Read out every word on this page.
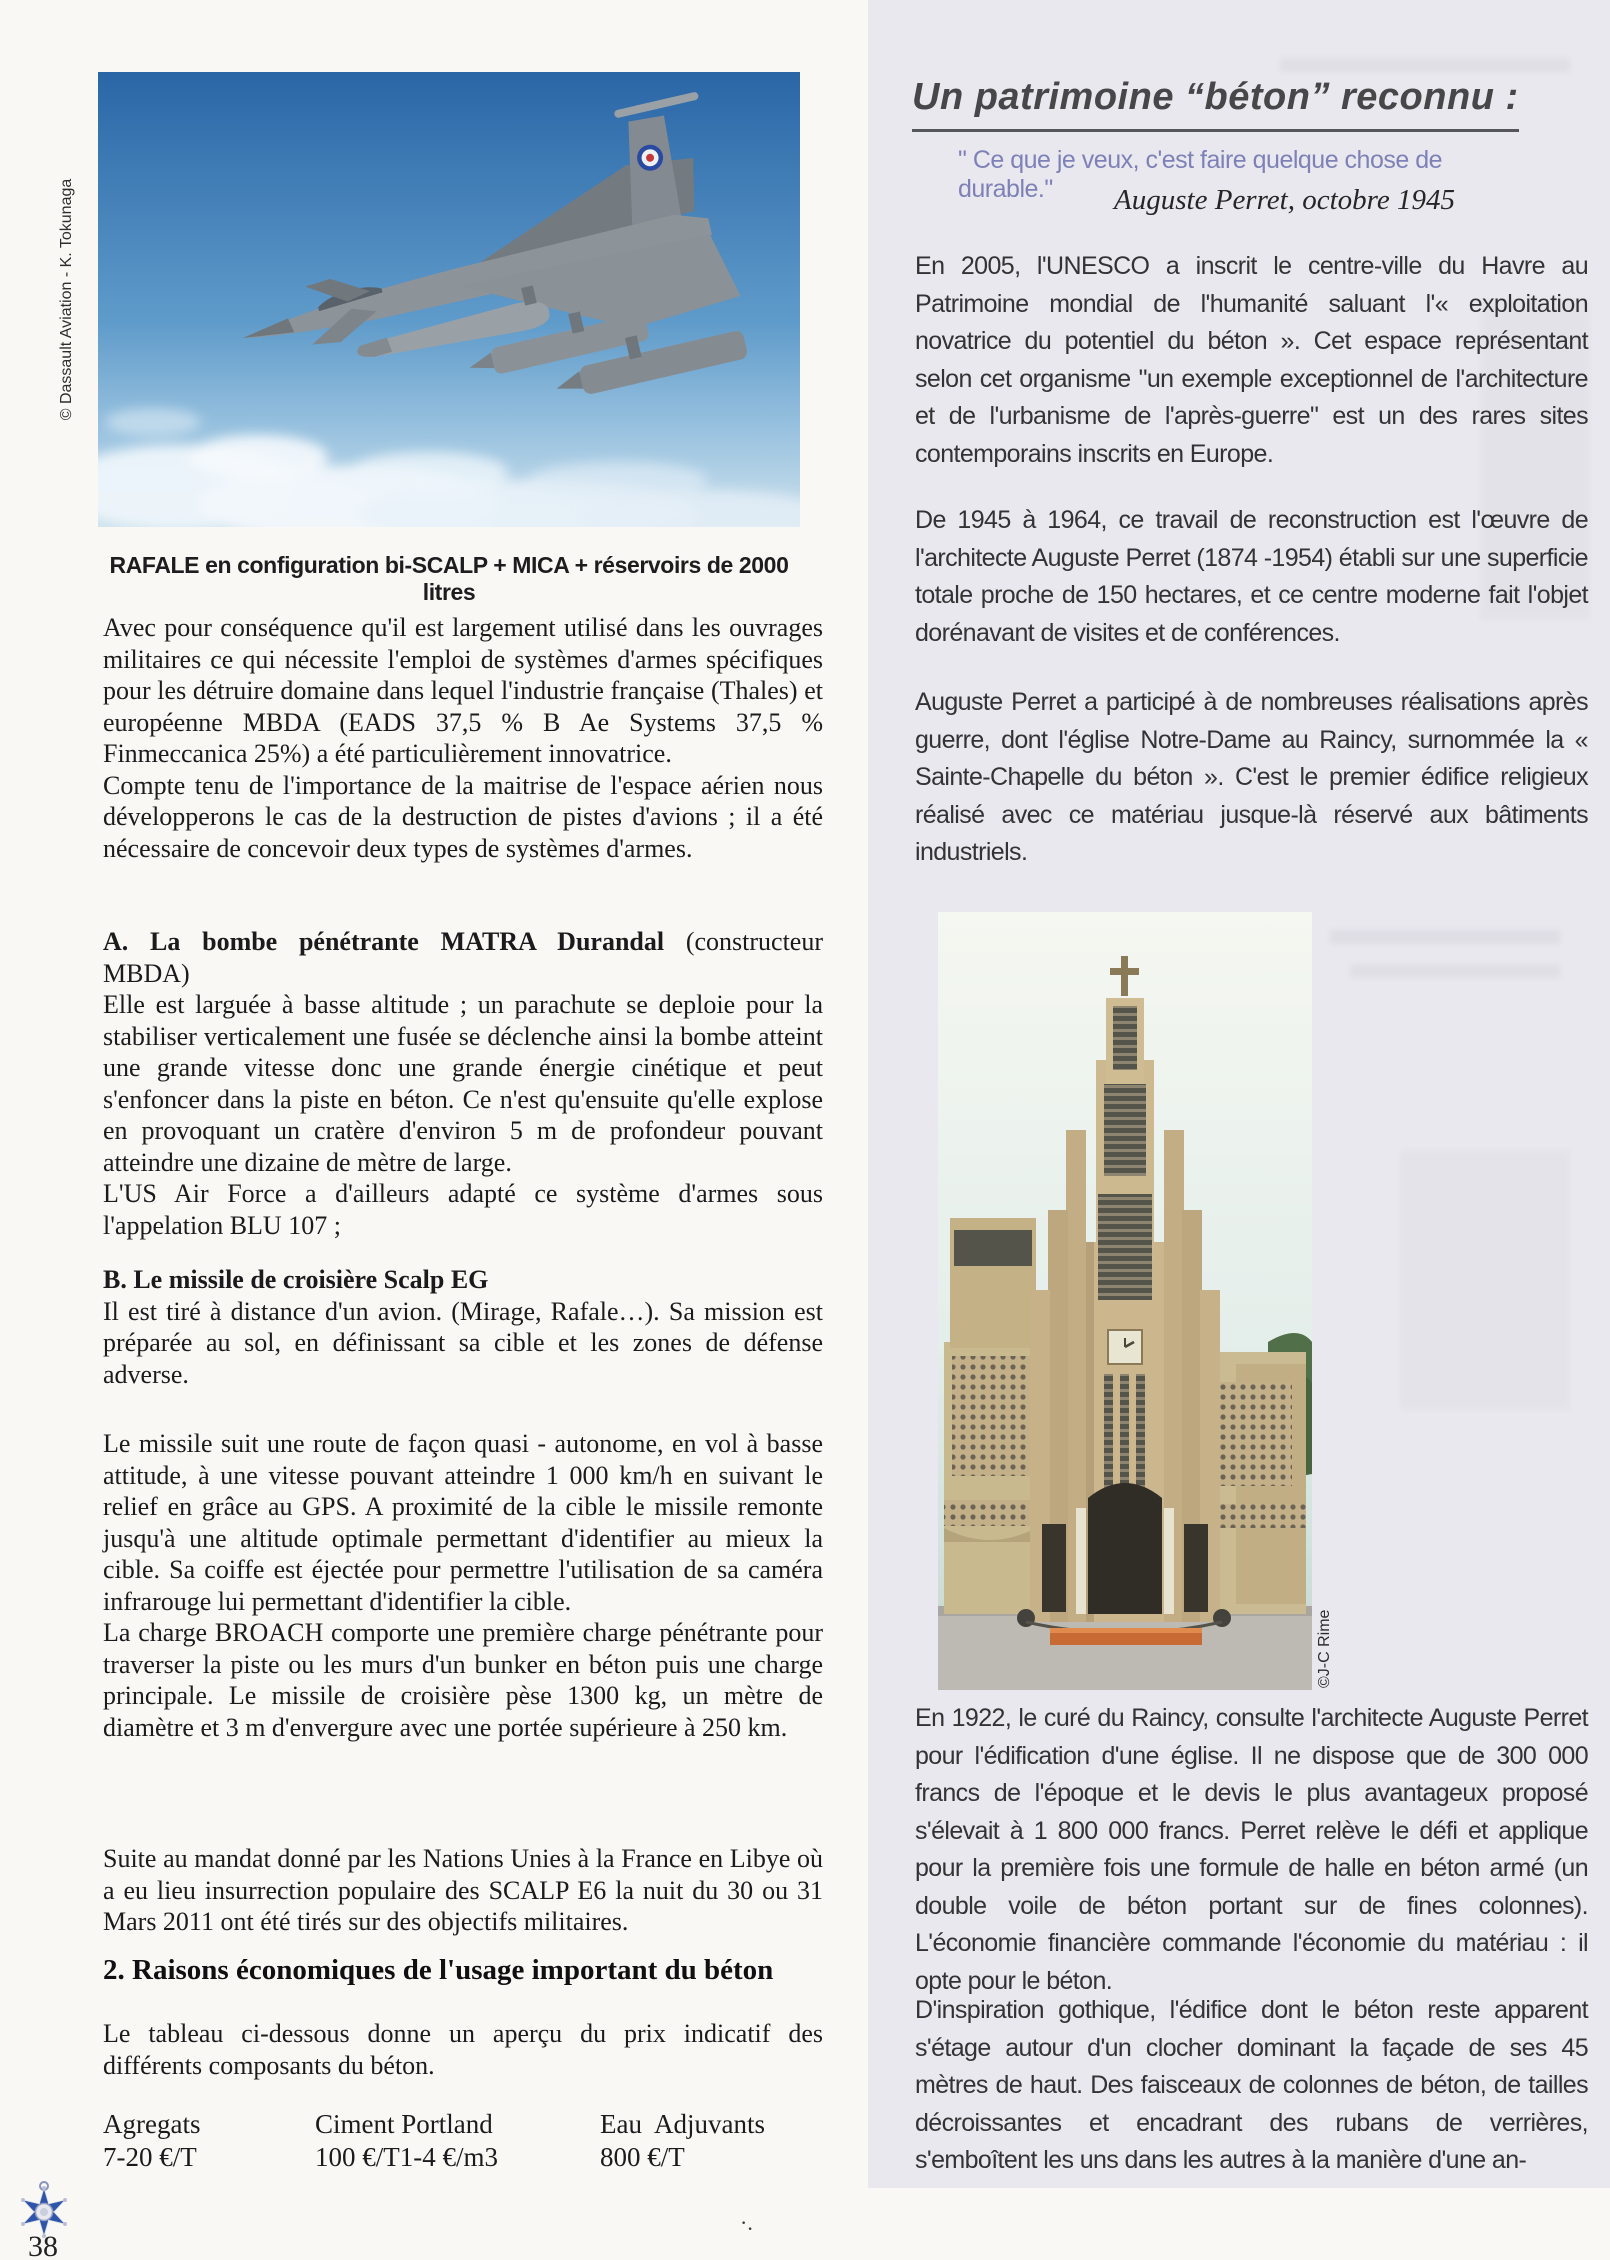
© Dassault Aviation - K. Tokunaga
RAFALE en configuration bi-SCALP + MICA + réservoirs de 2000 litres

Avec pour conséquence qu'il est largement utilisé dans les ouvrages militaires ce qui nécessite l'emploi de systèmes d'armes spécifiques pour les détruire domaine dans lequel l'industrie française (Thales) et européenne MBDA (EADS 37,5 % B Ae Systems 37,5 % Finmeccanica 25%) a été particulièrement innovatrice.

Compte tenu de l'importance de la maitrise de l'espace aérien nous développerons le cas de la destruction de pistes d'avions ; il a été nécessaire de concevoir deux types de systèmes d'armes.

A. La bombe pénétrante MATRA Durandal (constructeur MBDA)

Elle est larguée à basse altitude ; un parachute se deploie pour la stabiliser verticalement une fusée se déclenche ainsi la bombe atteint une grande vitesse donc une grande énergie cinétique et peut s'enfoncer dans la piste en béton. Ce n'est qu'ensuite qu'elle explose en provoquant un cratère d'environ 5 m de profondeur pouvant atteindre une dizaine de mètre de large.

L'US Air Force a d'ailleurs adapté ce système d'armes sous l'appelation BLU 107 ;

B. Le missile de croisière Scalp EG

Il est tiré à distance d'un avion. (Mirage, Rafale…). Sa mission est préparée au sol, en définissant sa cible et les zones de défense adverse.

Le missile suit une route de façon quasi - autonome, en vol à basse attitude, à une vitesse pouvant atteindre 1 000 km/h en suivant le relief en grâce au GPS. A proximité de la cible le missile remonte jusqu'à une altitude optimale permettant d'identifier au mieux la cible. Sa coiffe est éjectée pour permettre l'utilisation de sa caméra infrarouge lui permettant d'identifier la cible.

La charge BROACH comporte une première charge pénétrante pour traverser la piste ou les murs d'un bunker en béton puis une charge principale. Le missile de croisière pèse 1300 kg, un mètre de diamètre et 3 m d'envergure avec une portée supérieure à 250 km.

Suite au mandat donné par les Nations Unies à la France en Libye où a eu lieu insurrection populaire des SCALP E6 la nuit du 30 ou 31 Mars 2011 ont été tirés sur des objectifs militaires.

2. Raisons économiques de l'usage important du béton

Le tableau ci-dessous donne un aperçu du prix indicatif des différents composants du béton.

Agregats
7-20 €/T
Ciment Portland
100 €/T1-4 €/m3
Eau  Adjuvants
800 €/T
Un patrimoine “béton” reconnu :
" Ce que je veux, c'est faire quelque chose de durable."	Auguste Perret, octobre 1945
En 2005, l'UNESCO a inscrit le centre-ville du Havre au Patrimoine mondial de l'humanité saluant l'« exploitation novatrice du potentiel du béton ». Cet espace représentant selon cet organisme "un exemple exceptionnel de l'architecture et de l'urbanisme de l'après-guerre" est un des rares sites contemporains inscrits en Europe.
De 1945 à 1964, ce travail de reconstruction est l'œuvre de l'architecte Auguste Perret (1874 -1954) établi sur une superficie totale proche de 150 hectares, et ce centre moderne fait l'objet dorénavant de visites et de conférences.
Auguste Perret a participé à de nombreuses réalisations après guerre, dont l'église Notre-Dame au Raincy, surnommée la « Sainte-Chapelle du béton ». C'est le premier édifice religieux réalisé avec ce matériau jusque-là réservé aux bâtiments industriels.
©J-C Rime
En 1922, le curé du Raincy, consulte l'architecte Auguste Perret pour l'édification d'une église. Il ne dispose que de 300 000 francs de l'époque et le devis le plus avantageux proposé s'élevait à 1 800 000 francs. Perret relève le défi et applique pour la première fois une formule de halle en béton armé (un double voile de béton portant sur de fines colonnes). L'économie financière commande l'économie du matériau : il opte pour le béton.
D'inspiration gothique, l'édifice dont le béton reste apparent s'étage autour d'un clocher dominant la façade de ses 45 mètres de haut. Des faisceaux de colonnes de béton, de tailles décroissantes et encadrant des rubans de verrières, s'emboîtent les uns dans les autres à la manière d'une an-
38
·.
